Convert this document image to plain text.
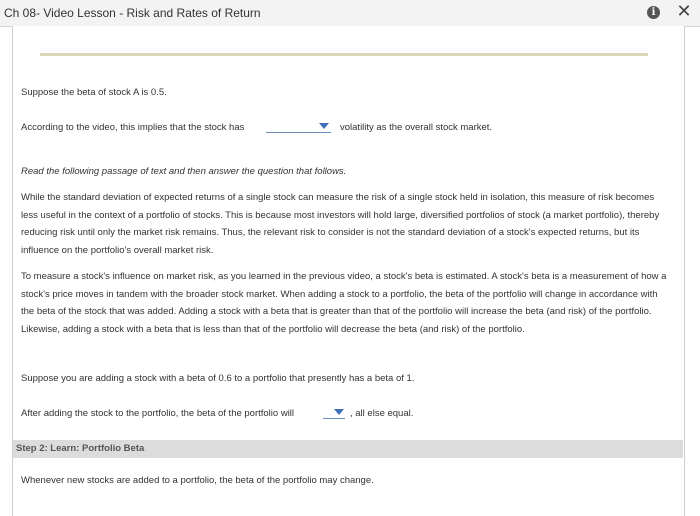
Ch 08- Video Lesson - Risk and Rates of Return	i ✕
Suppose the beta of stock A is 0.5.
According to the video, this implies that the stock has	volatility as the overall stock market.
Read the following passage of text and then answer the question that follows.
While the standard deviation of expected returns of a single stock can measure the risk of a single stock held in isolation, this measure of risk becomes less useful in the context of a portfolio of stocks. This is because most investors will hold large, diversified portfolios of stock (a market portfolio), thereby reducing risk until only the market risk remains. Thus, the relevant risk to consider is not the standard deviation of a stock's expected returns, but its influence on the portfolio's overall market risk.
To measure a stock's influence on market risk, as you learned in the previous video, a stock's beta is estimated. A stock's beta is a measurement of how a stock's price moves in tandem with the broader stock market. When adding a stock to a portfolio, the beta of the portfolio will change in accordance with the beta of the stock that was added. Adding a stock with a beta that is greater than that of the portfolio will increase the beta (and risk) of the portfolio. Likewise, adding a stock with a beta that is less than that of the portfolio will decrease the beta (and risk) of the portfolio.
Suppose you are adding a stock with a beta of 0.6 to a portfolio that presently has a beta of 1.
After adding the stock to the portfolio, the beta of the portfolio will	, all else equal.
Step 2: Learn: Portfolio Beta
Whenever new stocks are added to a portfolio, the beta of the portfolio may change.
